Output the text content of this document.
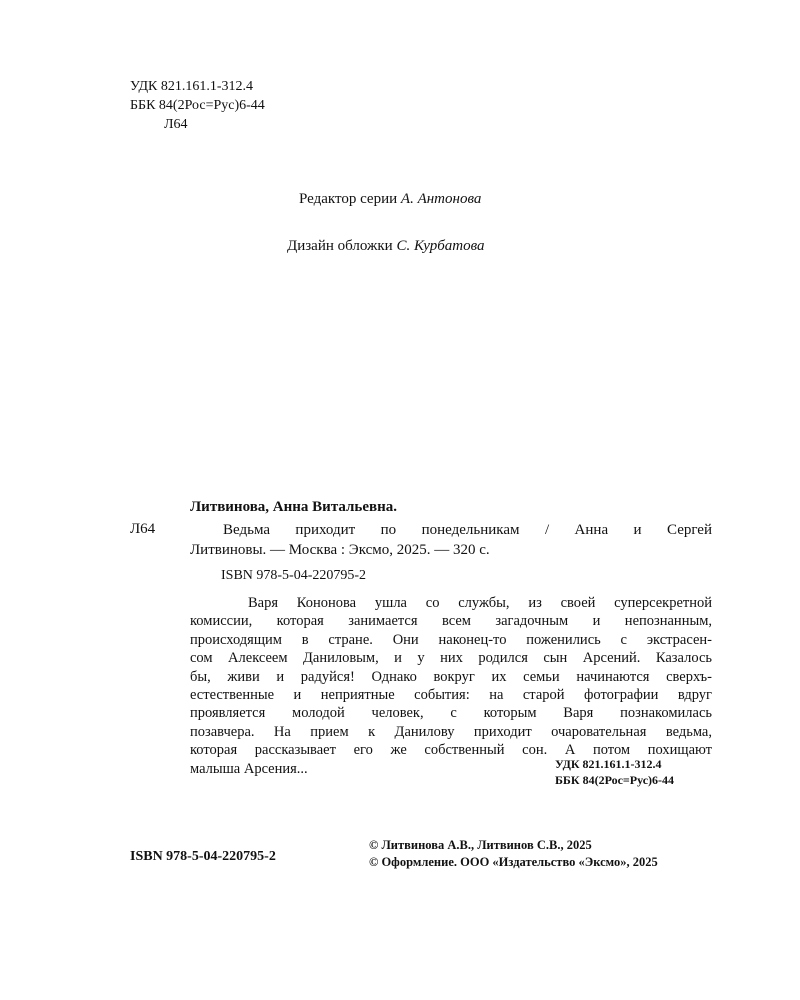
УДК 821.161.1-312.4
ББК 84(2Рос=Рус)6-44
Л64
Редактор серии А. Антонова
Дизайн обложки С. Курбатова
Литвинова, Анна Витальевна.
Л64	Ведьма приходит по понедельникам / Анна и Сергей
Литвиновы. — Москва : Эксмо, 2025. — 320 с.
ISBN 978-5-04-220795-2
Варя Кононова ушла со службы, из своей суперсекретной
комиссии, которая занимается всем загадочным и непознанным,
происходящим в стране. Они наконец-то поженились с экстрасен-
сом Алексеем Даниловым, и у них родился сын Арсений. Казалось
бы, живи и радуйся! Однако вокруг их семьи начинаются сверхъ-
естественные и неприятные события: на старой фотографии вдруг
проявляется молодой человек, с которым Варя познакомилась
позавчера. На прием к Данилову приходит очаровательная ведьма,
которая рассказывает его же собственный сон. А потом похищают
малыша Арсения...	УДК 821.161.1-312.4
ББК 84(2Рос=Рус)6-44
ISBN 978-5-04-220795-2
© Литвинова А.В., Литвинов С.В., 2025
© Оформление. ООО «Издательство «Эксмо», 2025
